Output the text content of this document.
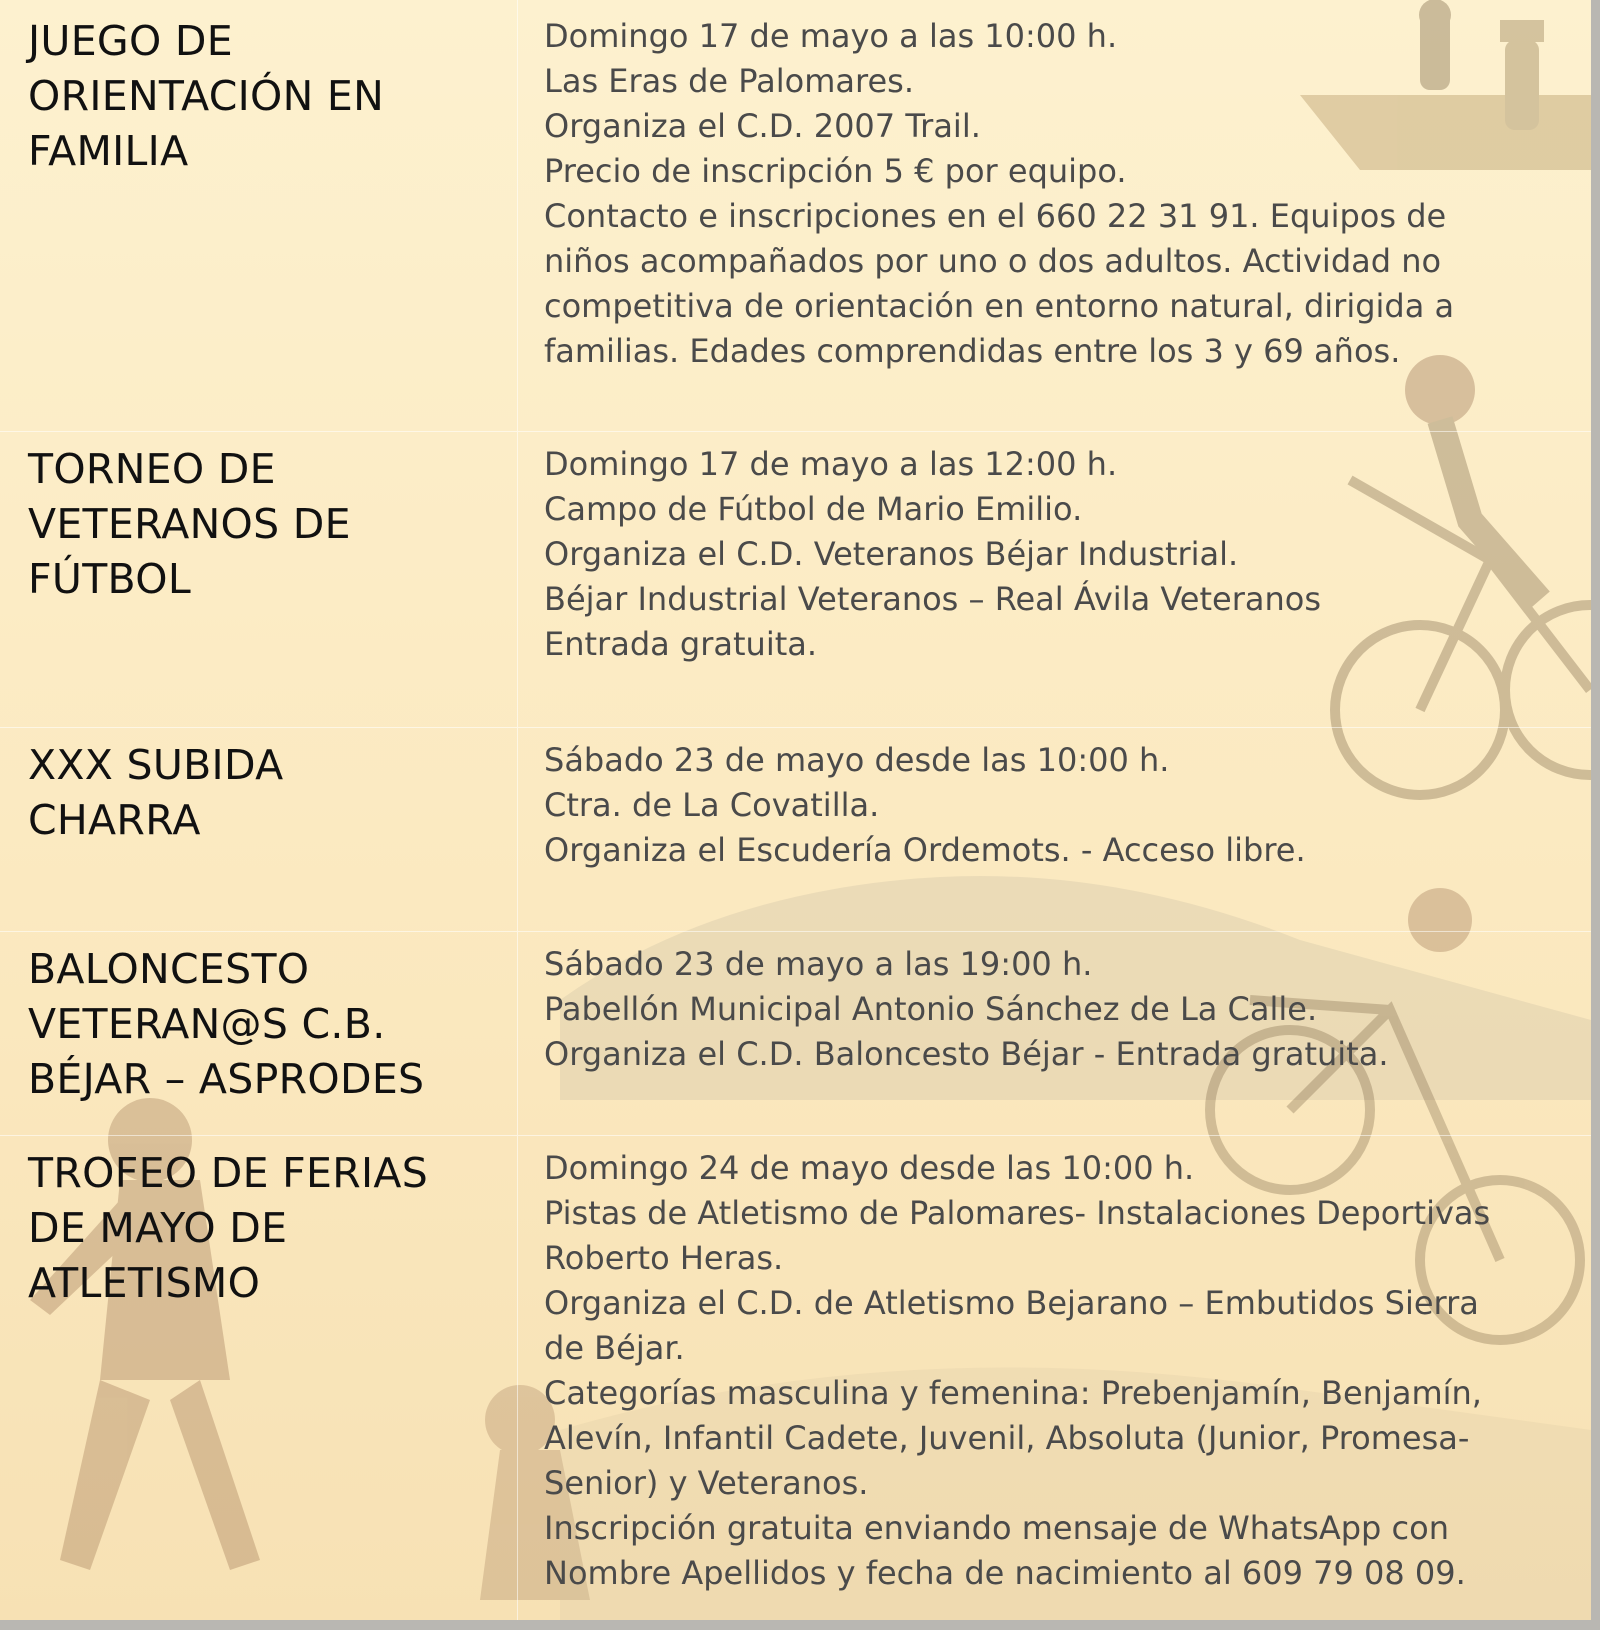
JUEGO DE
ORIENTACIÓN EN
FAMILIA
Domingo 17 de mayo a las 10:00 h.
Las Eras de Palomares.
Organiza el C.D. 2007 Trail.
Precio de inscripción 5 € por equipo.
Contacto e inscripciones en el 660 22 31 91. Equipos de
niños acompañados por uno o dos adultos. Actividad no
competitiva de orientación en entorno natural, dirigida a
familias. Edades comprendidas entre los 3 y 69 años.
TORNEO DE
VETERANOS DE
FÚTBOL
Domingo 17 de mayo a las 12:00 h.
Campo de Fútbol de Mario Emilio.
Organiza el C.D. Veteranos Béjar Industrial.
Béjar Industrial Veteranos – Real Ávila Veteranos
Entrada gratuita.
XXX SUBIDA
CHARRA
Sábado 23 de mayo desde las 10:00 h.
Ctra. de La Covatilla.
Organiza el Escudería Ordemots. - Acceso libre.
BALONCESTO
VETERAN@S C.B.
BÉJAR – ASPRODES
Sábado 23 de mayo a las 19:00 h.
Pabellón Municipal Antonio Sánchez de La Calle.
Organiza el C.D. Baloncesto Béjar - Entrada gratuita.
TROFEO DE FERIAS
DE MAYO DE
ATLETISMO
Domingo 24 de mayo desde las 10:00 h.
Pistas de Atletismo de Palomares- Instalaciones Deportivas
Roberto Heras.
Organiza el C.D. de Atletismo Bejarano – Embutidos Sierra
de Béjar.
Categorías masculina y femenina: Prebenjamín, Benjamín,
Alevín, Infantil Cadete, Juvenil, Absoluta (Junior, Promesa-
Senior) y Veteranos.
Inscripción gratuita enviando mensaje de WhatsApp con
Nombre Apellidos y fecha de nacimiento al 609 79 08 09.
